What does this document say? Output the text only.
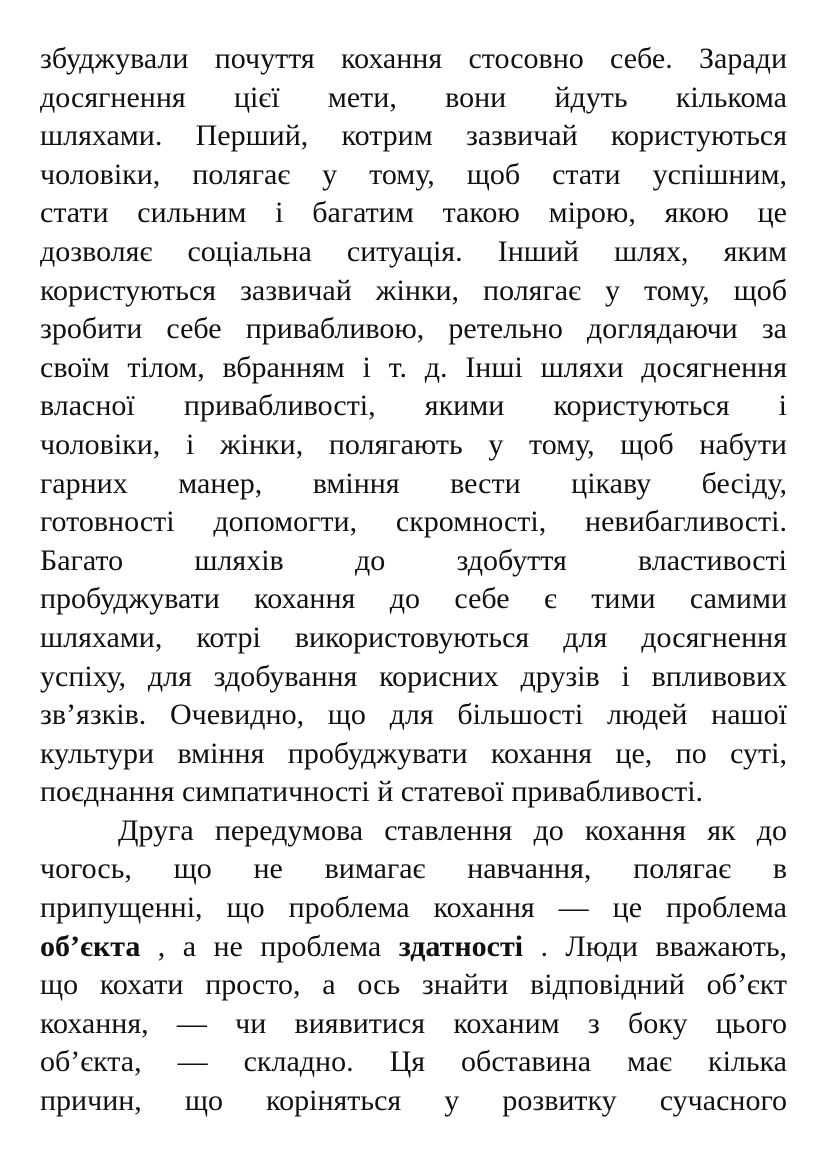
збуджували почуття кохання стосовно себе. Заради
досягнення цієї мети, вони йдуть кількома
шляхами. Перший, котрим зазвичай користуються
чоловіки, полягає у тому, щоб стати успішним,
стати сильним і багатим такою мірою, якою це
дозволяє соціальна ситуація. Інший шлях, яким
користуються зазвичай жінки, полягає у тому, щоб
зробити себе привабливою, ретельно доглядаючи за
своїм тілом, вбранням і т. д. Інші шляхи досягнення
власної привабливості, якими користуються і
чоловіки, і жінки, полягають у тому, щоб набути
гарних манер, вміння вести цікаву бесіду,
готовності допомогти, скромності, невибагливості.
Багато шляхів до здобуття властивості
пробуджувати кохання до себе є тими самими
шляхами, котрі використовуються для досягнення
успіху, для здобування корисних друзів і впливових
зв’язків. Очевидно, що для більшості людей нашої
культури вміння пробуджувати кохання це, по суті,
поєднання симпатичності й статевої привабливості.
Друга передумова ставлення до кохання як до
чогось, що не вимагає навчання, полягає в
припущенні, що проблема кохання — це проблема
об’єкта , а не проблема здатності . Люди вважають,
що кохати просто, а ось знайти відповідний об’єкт
кохання, — чи виявитися коханим з боку цього
об’єкта, — складно. Ця обставина має кілька
причин, що коріняться у розвитку сучасного
